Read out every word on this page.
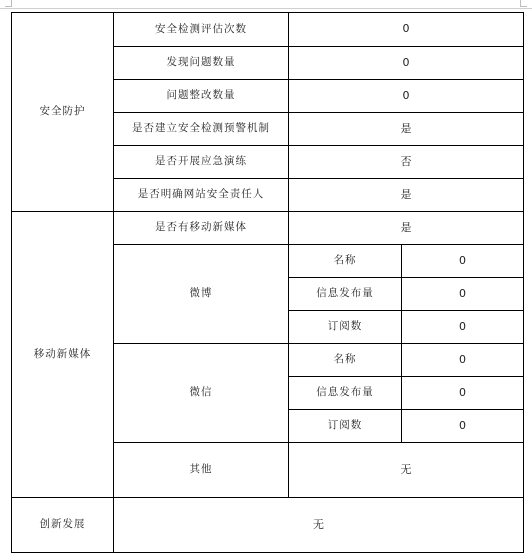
安全防护	安全检测评估次数	0	
	发现问题数量	0	
	问题整改数量	0	
	是否建立安全检测预警机制	是	
	是否开展应急演练	否	
	是否明确网站安全责任人	是	
移动新媒体	是否有移动新媒体	是	
	微博	名称	0
		信息发布量	0
		订阅数	0
	微信	名称	0
		信息发布量	0
		订阅数	0
	其他	无	
创新发展	无		
